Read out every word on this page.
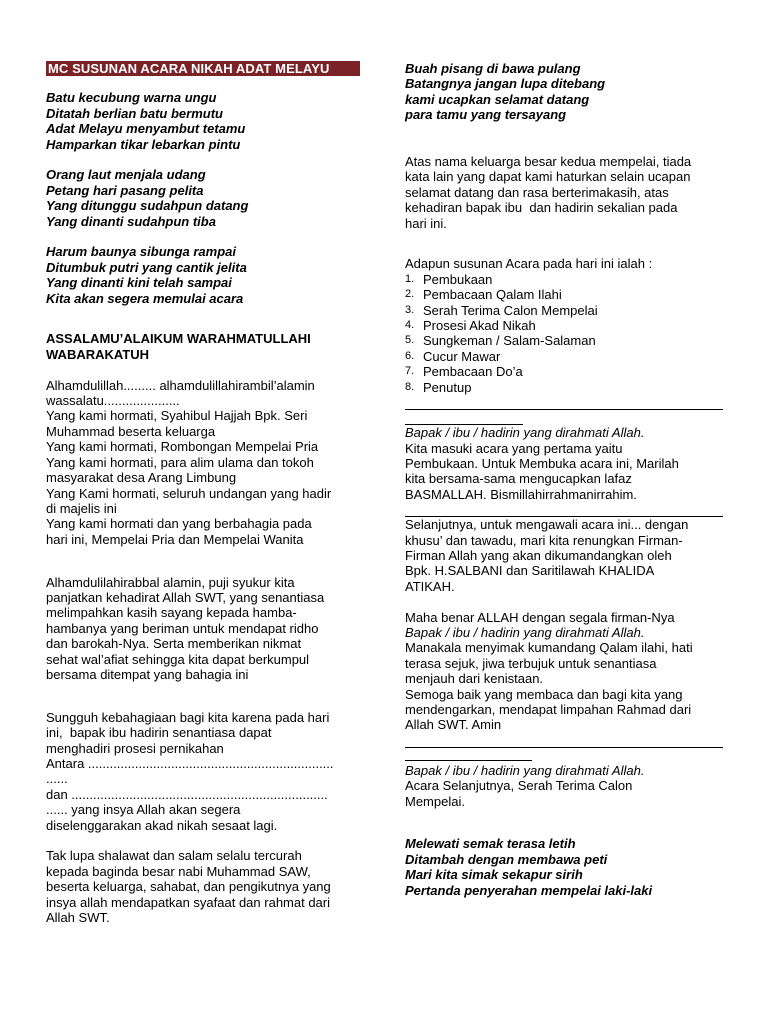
MC SUSUNAN ACARA NIKAH ADAT MELAYU
Batu kecubung warna ungu
Ditatah berlian batu bermutu
Adat Melayu menyambut tetamu
Hamparkan tikar lebarkan pintu
Orang laut menjala udang
Petang hari pasang pelita
Yang ditunggu sudahpun datang
Yang dinanti sudahpun tiba
Harum baunya sibunga rampai
Ditumbuk putri yang cantik jelita
Yang dinanti kini telah sampai
Kita akan segera memulai acara
ASSALAMU’ALAIKUM WARAHMATULLAHI
WABARAKATUH
Alhamdulillah......... alhamdulillahirambil’alamin
wassalatu.....................
Yang kami hormati, Syahibul Hajjah Bpk. Seri
Muhammad beserta keluarga
Yang kami hormati, Rombongan Mempelai Pria
Yang kami hormati, para alim ulama dan tokoh
masyarakat desa Arang Limbung
Yang Kami hormati, seluruh undangan yang hadir
di majelis ini
Yang kami hormati dan yang berbahagia pada
hari ini, Mempelai Pria dan Mempelai Wanita
Alhamdulilahirabbal alamin, puji syukur kita
panjatkan kehadirat Allah SWT, yang senantiasa
melimpahkan kasih sayang kepada hamba-
hambanya yang beriman untuk mendapat ridho
dan barokah-Nya. Serta memberikan nikmat
sehat wal’afiat sehingga kita dapat berkumpul
bersama ditempat yang bahagia ini
Sungguh kebahagiaan bagi kita karena pada hari
ini,  bapak ibu hadirin senantiasa dapat
menghadiri prosesi pernikahan
Antara ....................................................................
......
dan .......................................................................
...... yang insya Allah akan segera
diselenggarakan akad nikah sesaat lagi.
Tak lupa shalawat dan salam selalu tercurah
kepada baginda besar nabi Muhammad SAW,
beserta keluarga, sahabat, dan pengikutnya yang
insya allah mendapatkan syafaat dan rahmat dari
Allah SWT.
Buah pisang di bawa pulang
Batangnya jangan lupa ditebang
kami ucapkan selamat datang
para tamu yang tersayang
Atas nama keluarga besar kedua mempelai, tiada
kata lain yang dapat kami haturkan selain ucapan
selamat datang dan rasa berterimakasih, atas
kehadiran bapak ibu  dan hadirin sekalian pada
hari ini.
Adapun susunan Acara pada hari ini ialah :
1. Pembukaan
2. Pembacaan Qalam Ilahi
3. Serah Terima Calon Mempelai
4. Prosesi Akad Nikah
5. Sungkeman / Salam-Salaman
6. Cucur Mawar
7. Pembacaan Do’a
8. Penutup
Bapak / ibu / hadirin yang dirahmati Allah.
Kita masuki acara yang pertama yaitu
Pembukaan. Untuk Membuka acara ini, Marilah
kita bersama-sama mengucapkan lafaz
BASMALLAH. Bismillahirrahmanirrahim.
Selanjutnya, untuk mengawali acara ini... dengan
khusu’ dan tawadu, mari kita renungkan Firman-
Firman Allah yang akan dikumandangkan oleh
Bpk. H.SALBANI dan Saritilawah KHALIDA
ATIKAH.
Maha benar ALLAH dengan segala firman-Nya
Bapak / ibu / hadirin yang dirahmati Allah.
Manakala menyimak kumandang Qalam ilahi, hati
terasa sejuk, jiwa terbujuk untuk senantiasa
menjauh dari kenistaan.
Semoga baik yang membaca dan bagi kita yang
mendengarkan, mendapat limpahan Rahmad dari
Allah SWT. Amin
Bapak / ibu / hadirin yang dirahmati Allah.
Acara Selanjutnya, Serah Terima Calon
Mempelai.
Melewati semak terasa letih
Ditambah dengan membawa peti
Mari kita simak sekapur sirih
Pertanda penyerahan mempelai laki-laki
